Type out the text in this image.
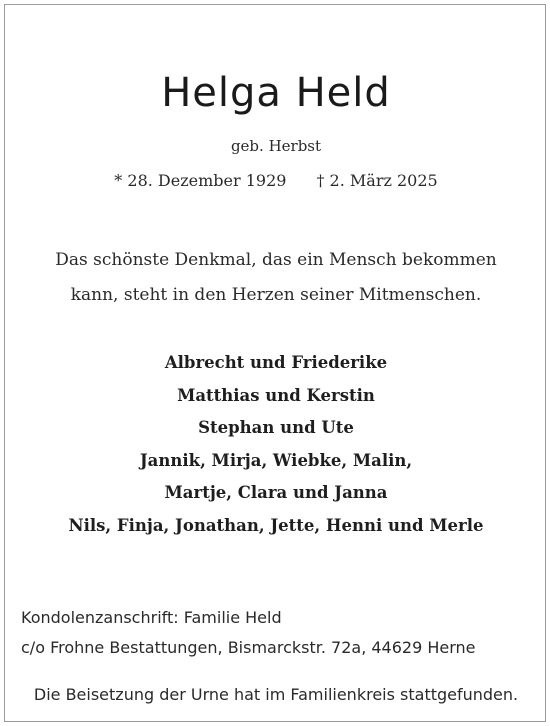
Helga Held
geb. Herbst
* 28. Dezember 1929 † 2. März 2025
Das schönste Denkmal, das ein Mensch bekommen
kann, steht in den Herzen seiner Mitmenschen.
Albrecht und Friederike
Matthias und Kerstin
Stephan und Ute
Jannik, Mirja, Wiebke, Malin,
Martje, Clara und Janna
Nils, Finja, Jonathan, Jette, Henni und Merle
Kondolenzanschrift: Familie Held
c/o Frohne Bestattungen, Bismarckstr. 72a, 44629 Herne
Die Beisetzung der Urne hat im Familienkreis stattgefunden.
